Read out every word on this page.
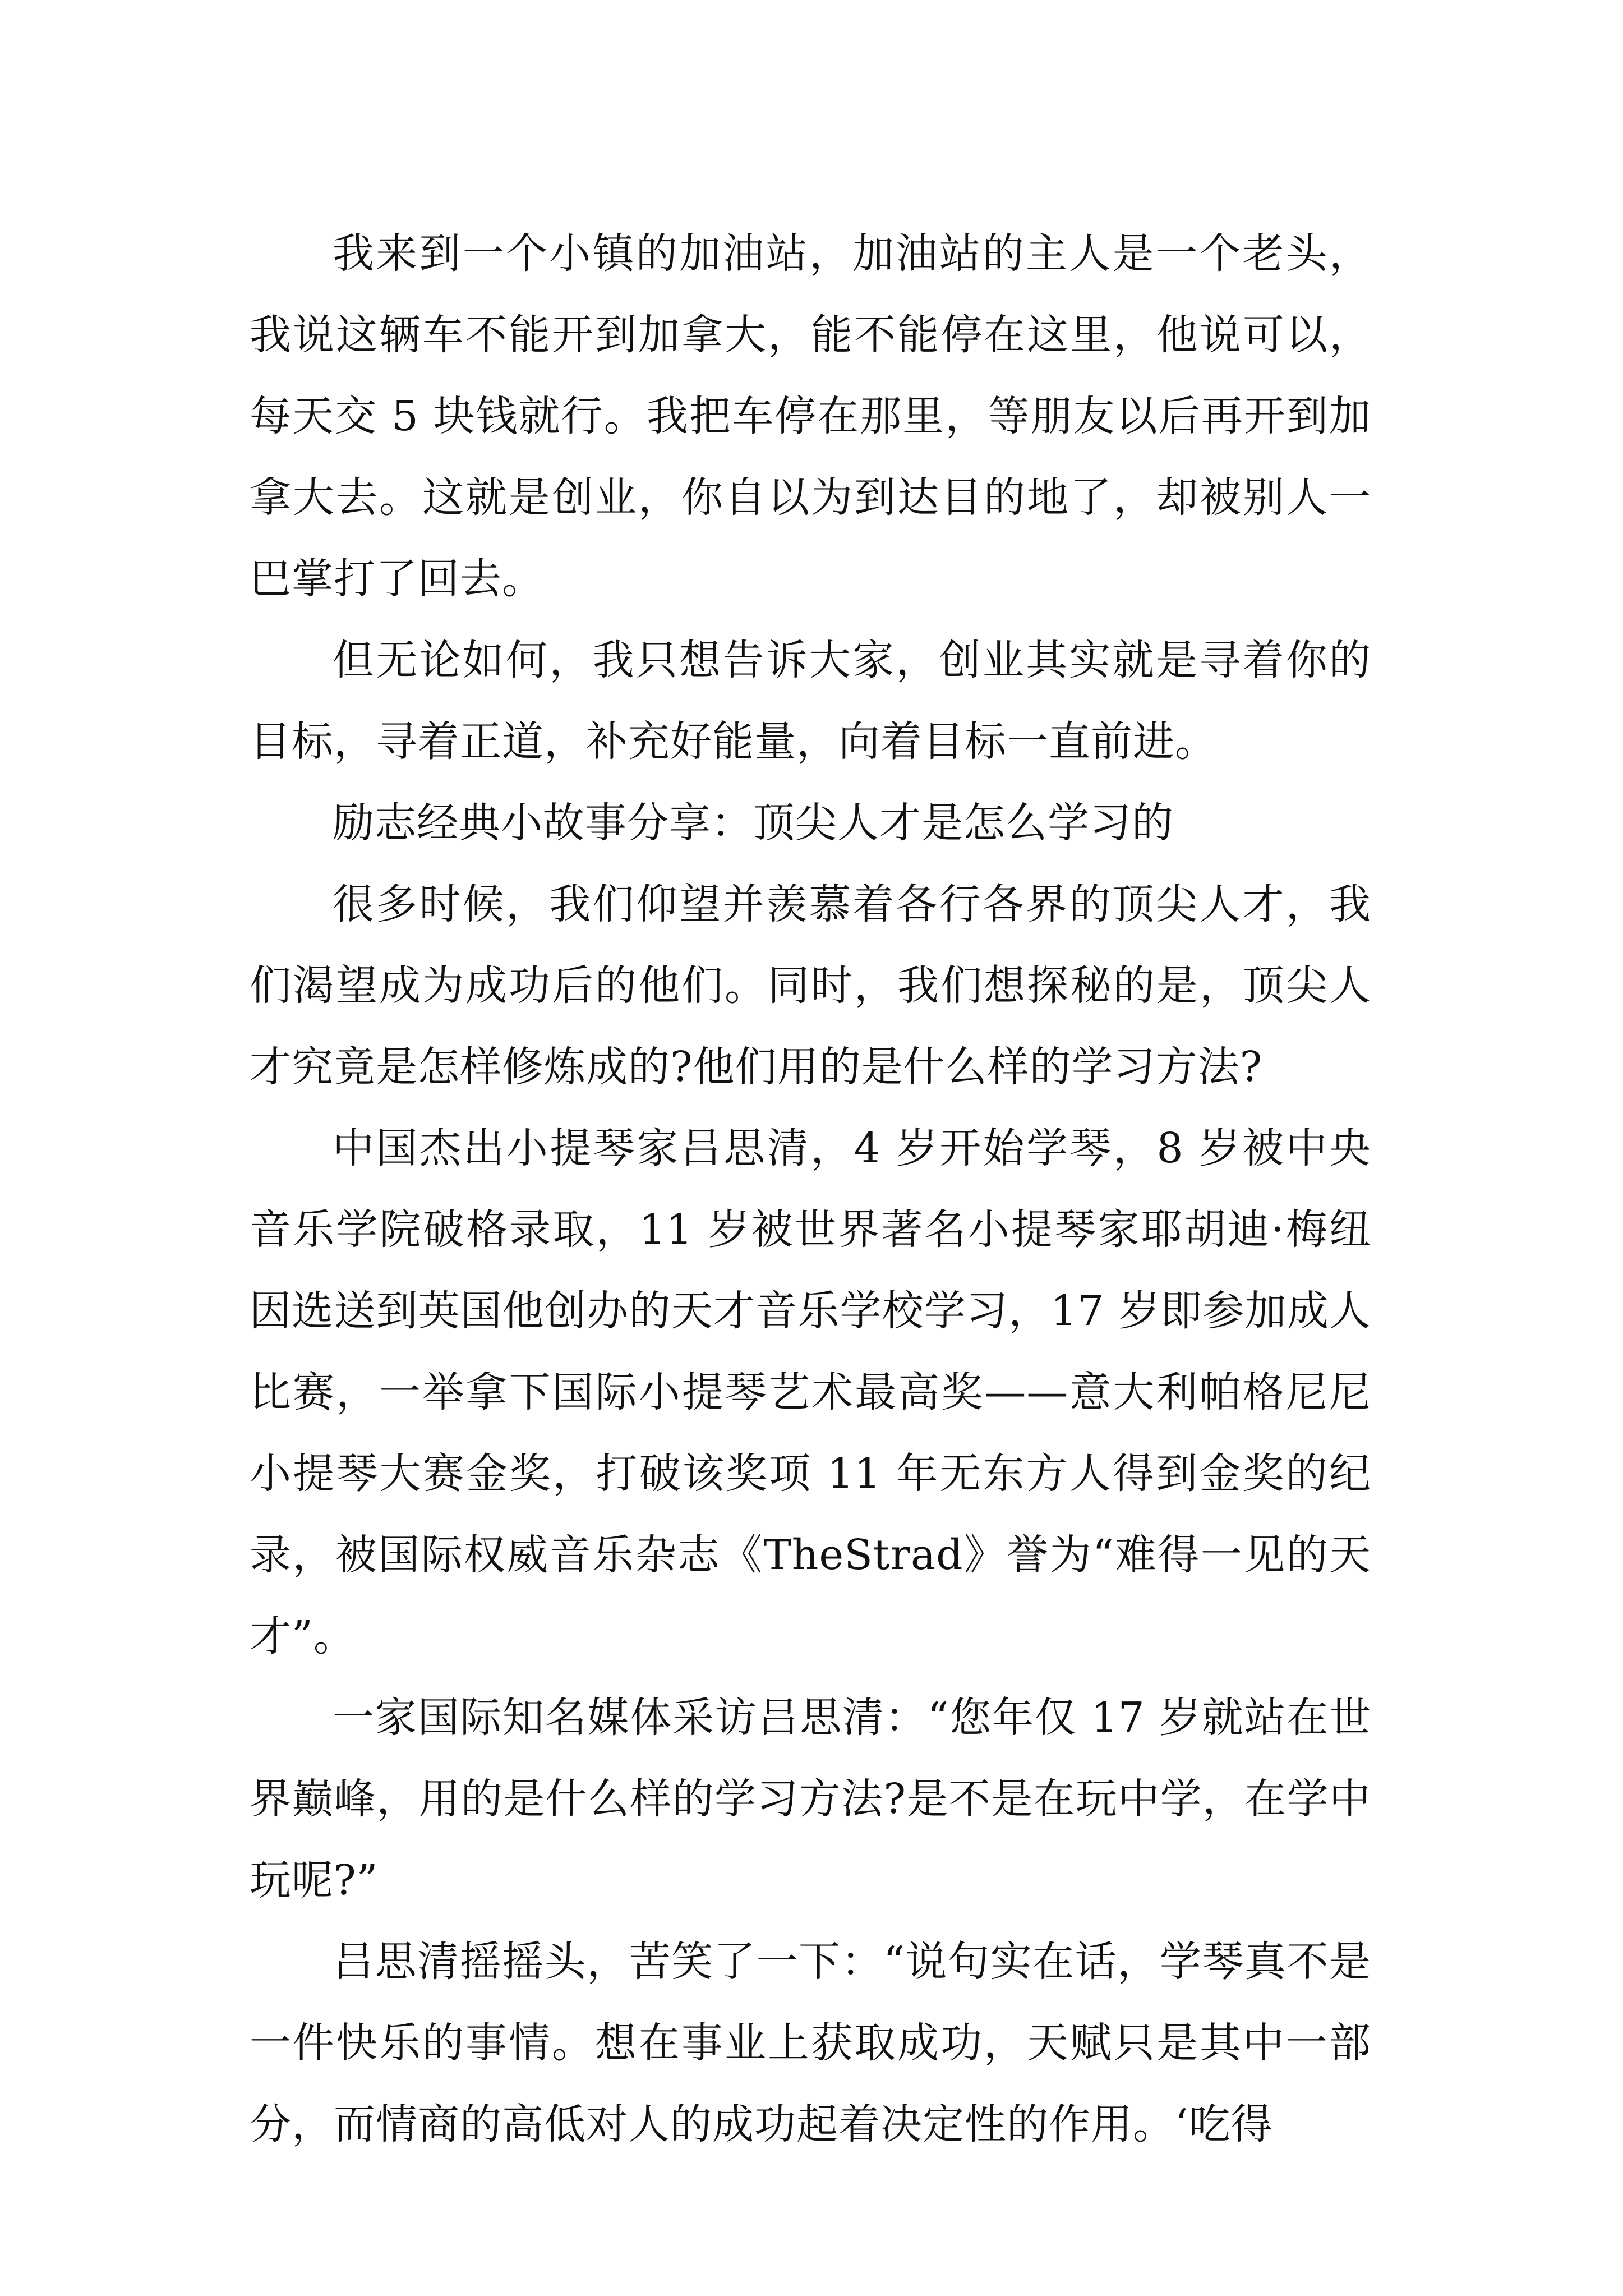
我来到一个小镇的加油站，加油站的主人是一个老头，我说这辆车不能开到加拿大，能不能停在这里，他说可以，每天交 5 块钱就行。我把车停在那里，等朋友以后再开到加拿大去。这就是创业，你自以为到达目的地了，却被别人一巴掌打了回去。

但无论如何，我只想告诉大家，创业其实就是寻着你的目标，寻着正道，补充好能量，向着目标一直前进。

励志经典小故事分享：顶尖人才是怎么学习的

很多时候，我们仰望并羡慕着各行各界的顶尖人才，我们渴望成为成功后的他们。同时，我们想探秘的是，顶尖人才究竟是怎样修炼成的?他们用的是什么样的学习方法?

中国杰出小提琴家吕思清，4 岁开始学琴，8 岁被中央音乐学院破格录取，11 岁被世界著名小提琴家耶胡迪·梅纽因选送到英国他创办的天才音乐学校学习，17 岁即参加成人比赛，一举拿下国际小提琴艺术最高奖——意大利帕格尼尼小提琴大赛金奖，打破该奖项 11 年无东方人得到金奖的纪录，被国际权威音乐杂志《TheStrad》誉为“难得一见的天才”。

一家国际知名媒体采访吕思清：“您年仅 17 岁就站在世界巅峰，用的是什么样的学习方法?是不是在玩中学，在学中玩呢?”

吕思清摇摇头，苦笑了一下：“说句实在话，学琴真不是一件快乐的事情。想在事业上获取成功，天赋只是其中一部分，而情商的高低对人的成功起着决定性的作用。‘吃得
